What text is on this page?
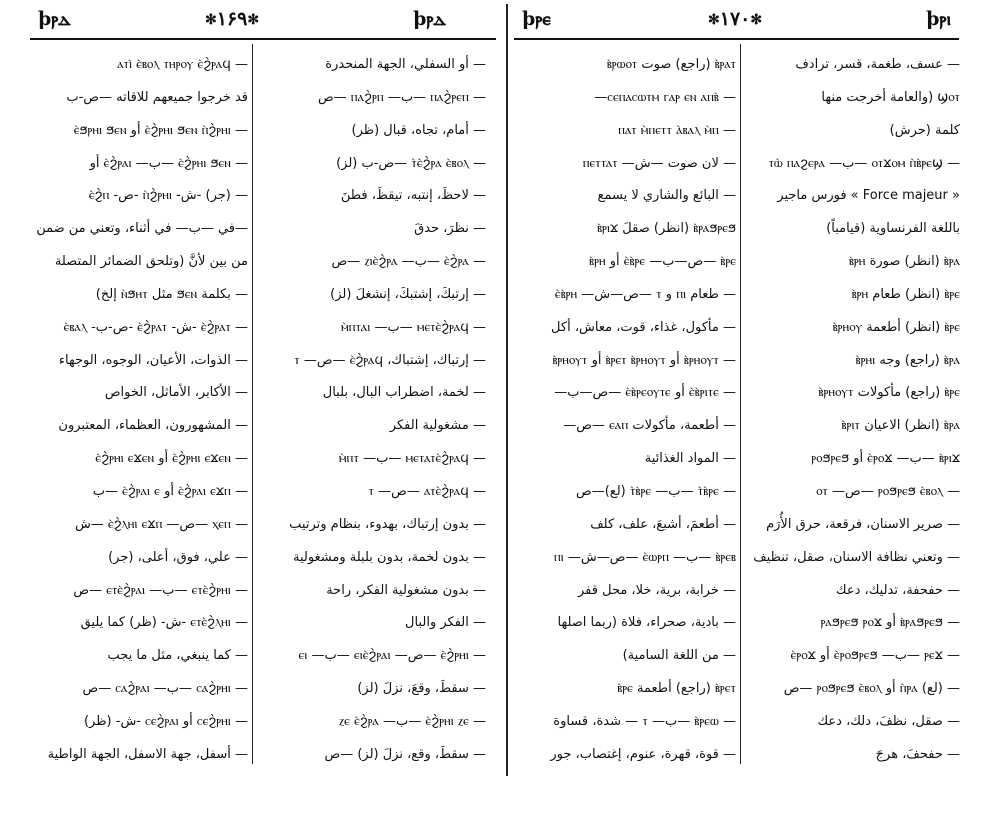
ϸⲣⲇ	✻۱۶۹✻	ϸⲣⲇ
— ⲁⲧⲓ̀ ⲉ̀ⲃⲟⲗ ⲧⲏⲣⲟⲩ ⲉ̀ϩ̀ⲣⲁϥ
قد خرجوا جميعهم للاقاته —ص-ب
— ⲉ̀ϩ̀ⲣⲏⲓ ϧⲉⲛ ⲡ̀ϩ̀ⲣⲏⲓ أو ⲉ̀ϧⲣⲏⲓ ϧⲉⲛ
— ⲉ̀ϩ̀ⲣⲏⲓ ϧⲉⲛ —ب— ⲉ̀ϩ̀ⲣⲁⲓ أو
— (جر) -ش- ⲡ̀ϩ̀ⲣⲏⲓ -ص- ⲉ̀ϩ̀ⲡ
—في —ب— في أثناء، وتعني من ضمن
من بين لأنَّ (وتلحق الضمائر المتصلة
— بكلمة ϧⲉⲛ مثل ⲛ̀ϧⲏⲧ إلخ)
— ⲉ̀ϩ̀ⲣⲁⲧ -ش- ⲉ̀ϩ̀ⲣⲁⲧ -ص-ب- ⲉ̀ⲃⲁⲗ
— الذوات، الأعيان، الوجوه، الوجهاء
— الأكابر، الأماثل، الخواص
— المشهورون، العظماء، المعتبرون
— ⲉ̀ϩ̀ⲣⲏⲓ ⲉϫⲉⲛ أو ⲉ̀ϩ̀ⲣⲏⲓ ⲉϫⲉⲛ
— ⲉ̀ϩ̀ⲣⲁⲓ ⲉϫⲡ أو ⲉ̀ϩ̀ⲣⲁⲓ ⲉ —ب
— ⲭⲉⲡ —ص— ⲉ̀ϩ̀ⲗⲏⲓ ⲉϫⲡ —ش
— علي، فوق، أعلى، (جر)
— ⲉⲧⲉ̀ϩ̀ⲣⲏⲓ —ب— ⲉⲧⲉ̀ϩ̀ⲣⲁⲓ —ص
— ⲉⲧⲉ̀ϩ̀ⲗⲏⲓ -ش- (ظر) كما يليق
— كما ينبغي، مثل ما يجب
— ⲥⲁϩ̀ⲣⲏⲓ —ب— ⲥⲁϩ̀ⲣⲁⲓ —ص
— ⲥⲉϩ̀ⲣⲏⲓ أو ⲥⲉϩ̀ⲣⲁⲓ -ش- (ظر)
— أسفل، جهة الاسفل، الجهة الواطية
— أو السفلي، الجهة المنحدرة
— ⲡⲁϩ̀ⲣⲉⲡ —ب— ⲡⲁϩ̀ⲣⲡ —ص
— أمام، تجاه، قبال (ظر)
— ⲧ̀ⲉ̀ϩ̀ⲣⲁ ⲉ̀ⲃⲟⲗ —ص-ب (لز)
— لاحظَ، إنتبه، تيقظَ، فطنَ
— نظرَ، حدقَ
— ⲉ̀ϩ̀ⲣⲁ —ب— ⲍⲓⲉ̀ϩ̀ⲣⲁ —ص
— إرتبكَ، إشتبكَ، إنشغلَ (لز)
— ⲙⲉⲧⲉ̀ϩ̀ⲣⲁϥ —ب— ⲙ̀ⲡⲧⲁⲓ
— إرتباك، إشتباك، ⲉ̀ϩ̀ⲣⲁϥ —ص— ⲧ
— لخمة، اضطراب البال، بلبال
— مشغولية الفكر
— ⲙⲉⲧⲁⲧⲉ̀ϩ̀ⲣⲁϥ —ب— ⲙ̀ⲡⲧ
— ⲁⲧⲉ̀ϩ̀ⲣⲁϥ —ص— ⲧ
— بدون إرتباك، بهدوء، بنظام وترتيب
— بدون لخمة، بدون بلبلة ومشغولية
— بدون مشغولية الفكر، راحة
— الفكر والبال
— ⲉ̀ϩ̀ⲣⲏⲓ —ص— ⲉⲓⲉ̀ϩ̀ⲣⲁⲓ —ب— ⲉⲓ
— سقطَ، وقعَ، نزلَ (لز)
— ⲉ̀ϩ̀ⲣⲏⲓ ⲍⲉ —ب— ⲍⲉ ⲉ̀ϩ̀ⲣⲁ
— سقطَ، وقع، نزلَ (لز) —ص
ϸⲣⲉ	✻۱۷۰✻	ϸⲣⲓ
ⲃ̀ⲣⲁⲧ (راجع) صوت ⲃ̀ⲣⲱⲟⲧ
— ⲥⲉⲡⲁⲥⲱⲧⲙ ⲅⲁⲣ ⲉⲛ ⲁⲡⲃ̀—
— ⲡⲁⲧ ⲙ̀ⲡⲉⲧⲧ ⲁ̀ⲃⲁⲗ ⲙ̀ⲡ
— لان صوت —ش— ⲡⲉⲧⲧⲁⲧ
— البائع والشاري لا يسمع
ⲃ̀ⲣⲁϧⲣⲉϧ (انظر) صقلَ ⲃ̀ⲣⲓϫ
ⲃ̀ⲣⲉ —ص—ب— ⲉ̀ⲃ̀ⲣⲉ أو ⲃ̀ⲣⲏ
— طعام ⲡⲓ و ⲧ —ص—ش— ⲉ̀ⲃ̀ⲣⲏ
— مأكول، غذاء، قوت، معاش، أكل
— ⲃ̀ⲣⲏⲟⲩⲧ أو ⲃ̀ⲣⲉⲧ ⲃ̀ⲣⲏⲟⲩⲧ أو ⲃ̀ⲣⲏⲟⲩⲧ
— ⲉ̀ⲃ̀ⲣⲓⲧⲉ أو ⲉ̀ⲃ̀ⲣⲉⲟⲩⲧⲉ —ص—ب—
— أطعمة، مأكولات ⲉⲁⲡ —ص—
— المواد الغذائية
— ⲧ̀ⲃ̀ⲣⲉ —ب— ⲧ̀ⲃ̀ⲣⲉ (لع)—ص
— أطعمَ، أشبعَ، علف، كلف
ⲃ̀ⲣⲉⲃ —ب— ⲉ̀ⲱⲣⲡ —ص—ش— ⲡⲓ
— خرابة، برية، خلا، محل قفر
— بادية، صحراء، فلاة (ربما اصلها
— من اللغة السامية)
ⲃ̀ⲣⲉⲧ (راجع) أطعمة ⲃ̀ⲣⲉ
— ⲃ̀ⲣⲉⲱ —ب— ⲧ — شدة، قساوة
— قوة، قهرة، عنوم، إغتصاب، جور
— عسف، طغمة، قسر، ترادف
ϣⲟⲧ (والعامة أخرجت منها
كلمة (حرش)
— ⲟⲧϫⲟⲙ ⲡ̀ⲃ̀ⲣⲉϣ —ب— ⲧⲱ̀ ⲡⲁϩⲉⲣⲁ
« Force majeur » فورس ماجير
باللغة الفرنساوية (قيامباً)
ⲃ̀ⲣⲁ (انظر) صورة ⲃ̀ⲣⲏ
ⲃ̀ⲣⲉ (انظر) طعام ⲃ̀ⲣⲏ
ⲃ̀ⲣⲉ (انظر) أطعمة ⲃ̀ⲣⲏⲟⲩ
ⲃ̀ⲣⲁ (راجع) وجه ⲃ̀ⲣⲏⲓ
ⲃ̀ⲣⲉ (راجع) مأكولات ⲃ̀ⲣⲏⲟⲩⲧ
ⲃ̀ⲣⲁ (انظر) الاعيان ⲃ̀ⲣⲓⲧ
ⲃ̀ⲣⲓϫ —ب— ⲉ̀ⲣⲟϫ أو ⲣⲟϧⲣⲉϧ
— ⲣⲟϧⲣⲉϧ ⲉ̀ⲃⲟⲗ —ص— ⲟⲧ
— صرير الاسنان، فرقعة، حرق الأُرَم
— وتعني نظافة الاسنان، صقل، تنظيف
— حفحفة، تدليك، دعك
— ⲃ̀ⲣⲁϧⲣⲉϧ أو ⲣⲁϧⲣⲉϧ ⲣⲟϫ
— ⲣⲉϫ —ب— ⲉ̀ⲣⲟϧⲣⲉϧ أو ⲉ̀ⲣⲟϫ
— (لع) ⲡ̀ⲣⲁ أو ⲣⲟϧⲣⲉϧ ⲉ̀ⲃⲟⲗ —ص
— صقل، نظفَ، دلك، دعك
— حفحفَ، هرجَ
